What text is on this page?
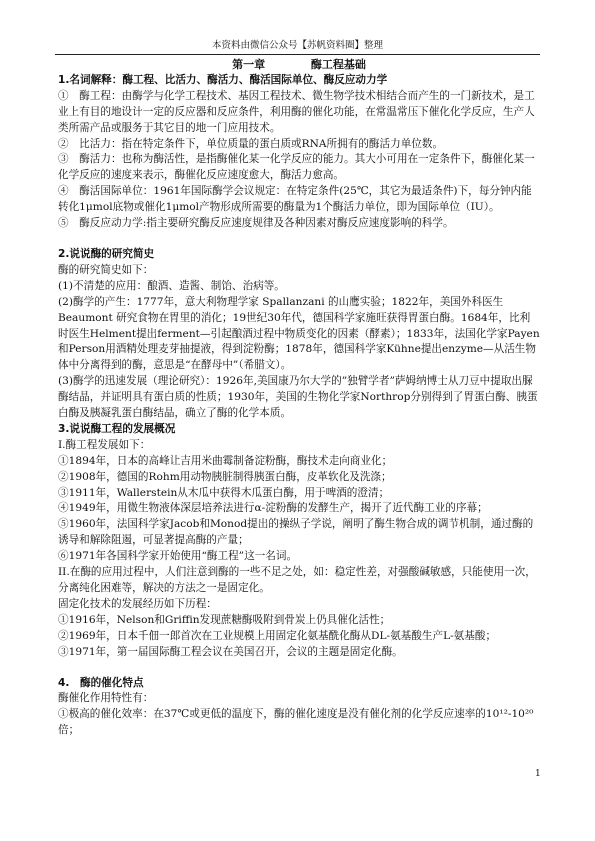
本资料由微信公众号【苏帆资料圈】整理

第一章	酶工程基础

1.名词解释：酶工程、比活力、酶活力、酶活国际单位、酶反应动力学

①　酶工程：由酶学与化学工程技术、基因工程技术、微生物学技术相结合而产生的一门新技术，是工业上有目的地设计一定的反应器和反应条件，利用酶的催化功能，在常温常压下催化化学反应，生产人类所需产品或服务于其它目的地一门应用技术。

②　比活力：指在特定条件下，单位质量的蛋白质或RNA所拥有的酶活力单位数。

③　酶活力：也称为酶活性，是指酶催化某一化学反应的能力。其大小可用在一定条件下，酶催化某一化学反应的速度来表示，酶催化反应速度愈大，酶活力愈高。

④　酶活国际单位：1961年国际酶学会议规定：在特定条件(25℃，其它为最适条件)下，每分钟内能转化1μmol底物或催化1μmol产物形成所需要的酶量为1个酶活力单位，即为国际单位（IU）。

⑤　酶反应动力学:指主要研究酶反应速度规律及各种因素对酶反应速度影响的科学。

2.说说酶的研究简史

酶的研究简史如下：

(1)不清楚的应用：酿酒、造酱、制饴、治病等。

(2)酶学的产生：1777年，意大利物理学家 Spallanzani 的山鹰实验；1822年，美国外科医生 Beaumont 研究食物在胃里的消化；19世纪30年代，德国科学家施旺获得胃蛋白酶。1684年，比利时医生Helment提出ferment—引起酿酒过程中物质变化的因素（酵素）；1833年，法国化学家Payen和Person用酒精处理麦芽抽提液，得到淀粉酶；1878年，德国科学家Kühne提出enzyme—从活生物体中分离得到的酶，意思是“在酵母中”（希腊文）。

(3)酶学的迅速发展（理论研究）：1926年,美国康乃尔大学的”独臂学者”萨姆纳博士从刀豆中提取出脲酶结晶，并证明具有蛋白质的性质；1930年，美国的生物化学家Northrop分别得到了胃蛋白酶、胰蛋白酶及胰凝乳蛋白酶结晶，确立了酶的化学本质。

3.说说酶工程的发展概况

I.酶工程发展如下：

①1894年，日本的高峰让吉用米曲霉制备淀粉酶，酶技术走向商业化；

②1908年，德国的Rohm用动物胰脏制得胰蛋白酶，皮革软化及洗涤；

③1911年，Wallerstein从木瓜中获得木瓜蛋白酶，用于啤酒的澄清；

④1949年，用微生物液体深层培养法进行α-淀粉酶的发酵生产，揭开了近代酶工业的序幕；

⑤1960年，法国科学家Jacob和Monod提出的操纵子学说，阐明了酶生物合成的调节机制，通过酶的诱导和解除阻遏，可显著提高酶的产量；

⑥1971年各国科学家开始使用“酶工程”这一名词。

II.在酶的应用过程中，人们注意到酶的一些不足之处，如：稳定性差，对强酸碱敏感，只能使用一次，分离纯化困难等，解决的方法之一是固定化。

固定化技术的发展经历如下历程：

①1916年，Nelson和Griffin发现蔗糖酶吸附到骨炭上仍具催化活性；

②1969年，日本千佃一郎首次在工业规模上用固定化氨基酰化酶从DL-氨基酸生产L-氨基酸；

③1971年，第一届国际酶工程会议在美国召开，会议的主题是固定化酶。

4.　酶的催化特点

酶催化作用特性有：

①极高的催化效率：在37℃或更低的温度下，酶的催化速度是没有催化剂的化学反应速率的10¹²-10²⁰倍；

1
